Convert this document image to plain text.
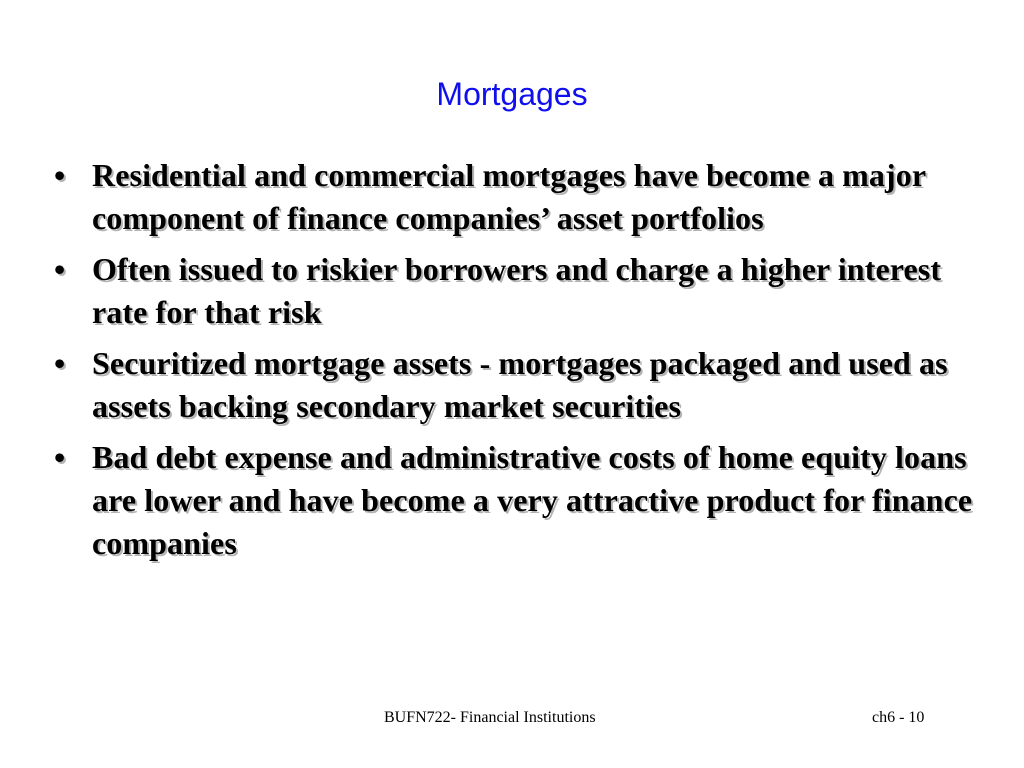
Mortgages
• Residential and commercial mortgages have become a major component of finance companies’ asset portfolios
• Often issued to riskier borrowers and charge a higher interest rate for that risk
• Securitized mortgage assets - mortgages packaged and used as assets backing secondary market securities
• Bad debt expense and administrative costs of home equity loans are lower and have become a very attractive product for finance companies
BUFN722- Financial Institutions	ch6 - 10
